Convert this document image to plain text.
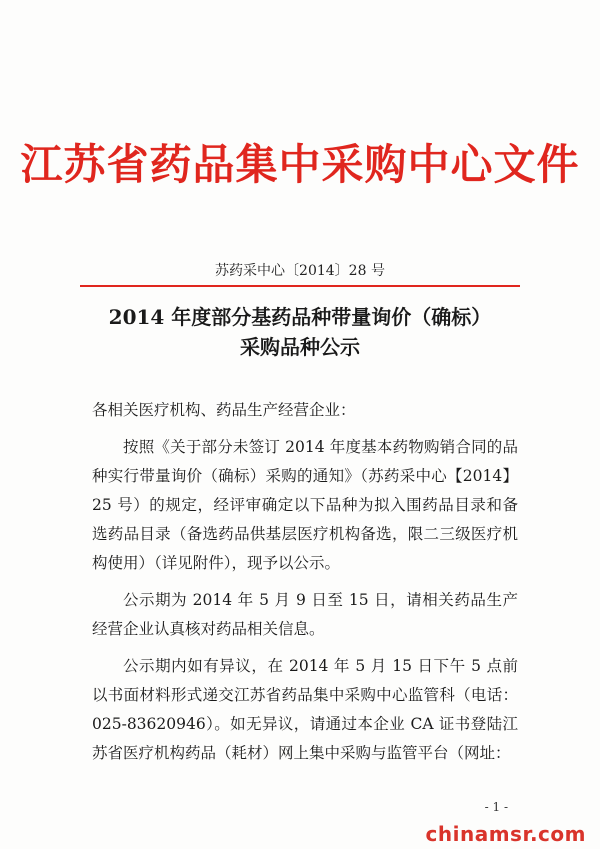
江苏省药品集中采购中心文件
苏药采中心〔2014〕28 号
2014 年度部分基药品种带量询价（确标）
采购品种公示

各相关医疗机构、药品生产经营企业：

按照《关于部分未签订 2014 年度基本药物购销合同的品种实行带量询价（确标）采购的通知》（苏药采中心【2014】25 号）的规定，经评审确定以下品种为拟入围药品目录和备选药品目录（备选药品供基层医疗机构备选，限二三级医疗机构使用）（详见附件），现予以公示。

公示期为 2014 年 5 月 9 日至 15 日，请相关药品生产经营企业认真核对药品相关信息。

公示期内如有异议，在 2014 年 5 月 15 日下午 5 点前以书面材料形式递交江苏省药品集中采购中心监管科（电话：025-83620946）。如无异议，请通过本企业 CA 证书登陆江苏省医疗机构药品（耗材）网上集中采购与监管平台（网址：

- 1 -
chinamsr.com
